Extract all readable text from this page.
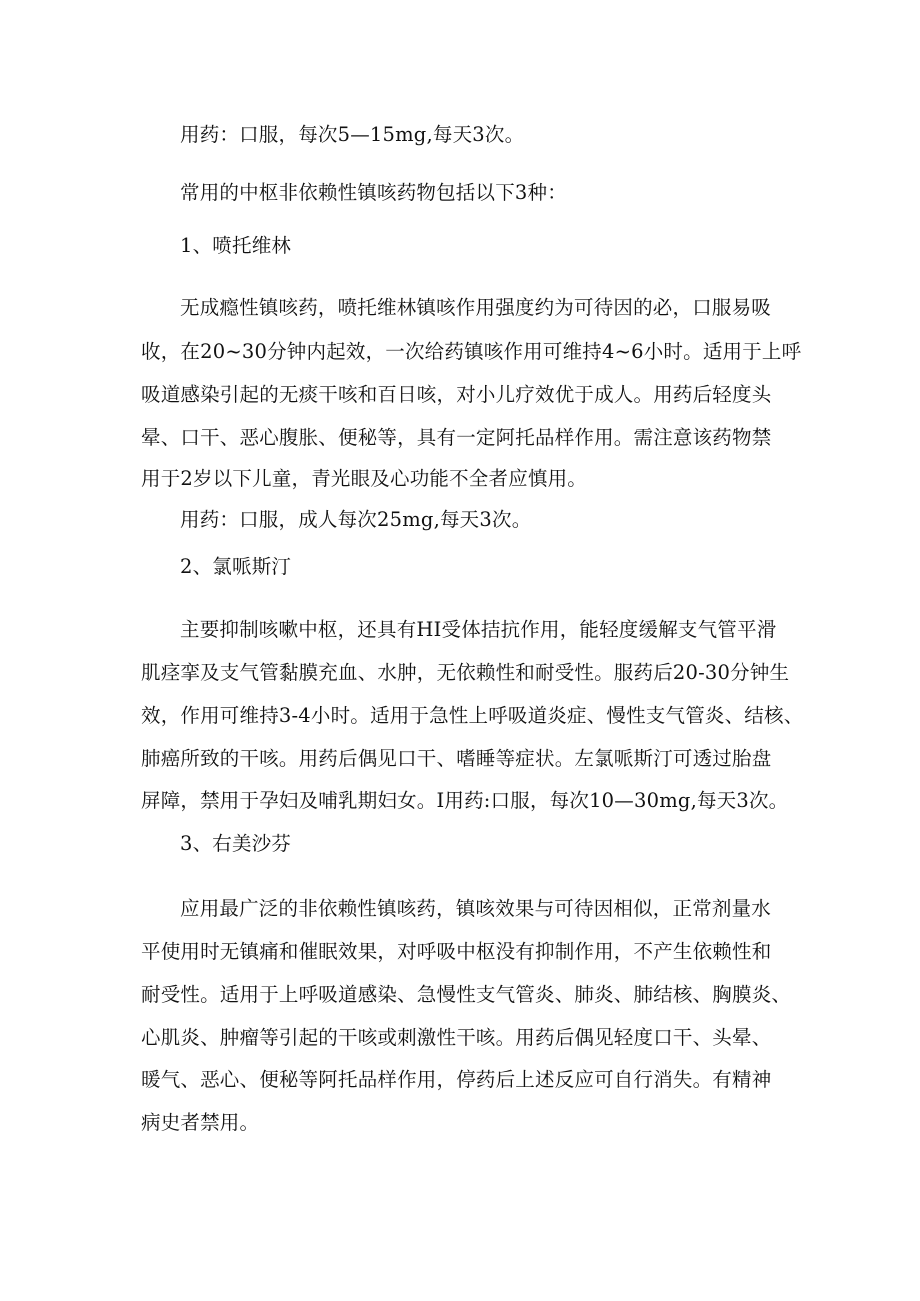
用药：口服，每次5—15mg,每天3次。
常用的中枢非依赖性镇咳药物包括以下3种：
1、喷托维林
无成瘾性镇咳药，喷托维林镇咳作用强度约为可待因的必，口服易吸
收，在20~30分钟内起效，一次给药镇咳作用可维持4~6小时。适用于上呼
吸道感染引起的无痰干咳和百日咳，对小儿疗效优于成人。用药后轻度头
晕、口干、恶心腹胀、便秘等，具有一定阿托品样作用。需注意该药物禁
用于2岁以下儿童，青光眼及心功能不全者应慎用。
用药：口服，成人每次25mg,每天3次。
2、氯哌斯汀
主要抑制咳嗽中枢，还具有HI受体拮抗作用，能轻度缓解支气管平滑
肌痉挛及支气管黏膜充血、水肿，无依赖性和耐受性。服药后20-30分钟生
效，作用可维持3-4小时。适用于急性上呼吸道炎症、慢性支气管炎、结核、
肺癌所致的干咳。用药后偶见口干、嗜睡等症状。左氯哌斯汀可透过胎盘
屏障，禁用于孕妇及哺乳期妇女。I用药:口服，每次10—30mg,每天3次。
3、右美沙芬
应用最广泛的非依赖性镇咳药，镇咳效果与可待因相似，正常剂量水
平使用时无镇痛和催眠效果，对呼吸中枢没有抑制作用，不产生依赖性和
耐受性。适用于上呼吸道感染、急慢性支气管炎、肺炎、肺结核、胸膜炎、
心肌炎、肿瘤等引起的干咳或刺激性干咳。用药后偶见轻度口干、头晕、
暖气、恶心、便秘等阿托品样作用，停药后上述反应可自行消失。有精神
病史者禁用。
